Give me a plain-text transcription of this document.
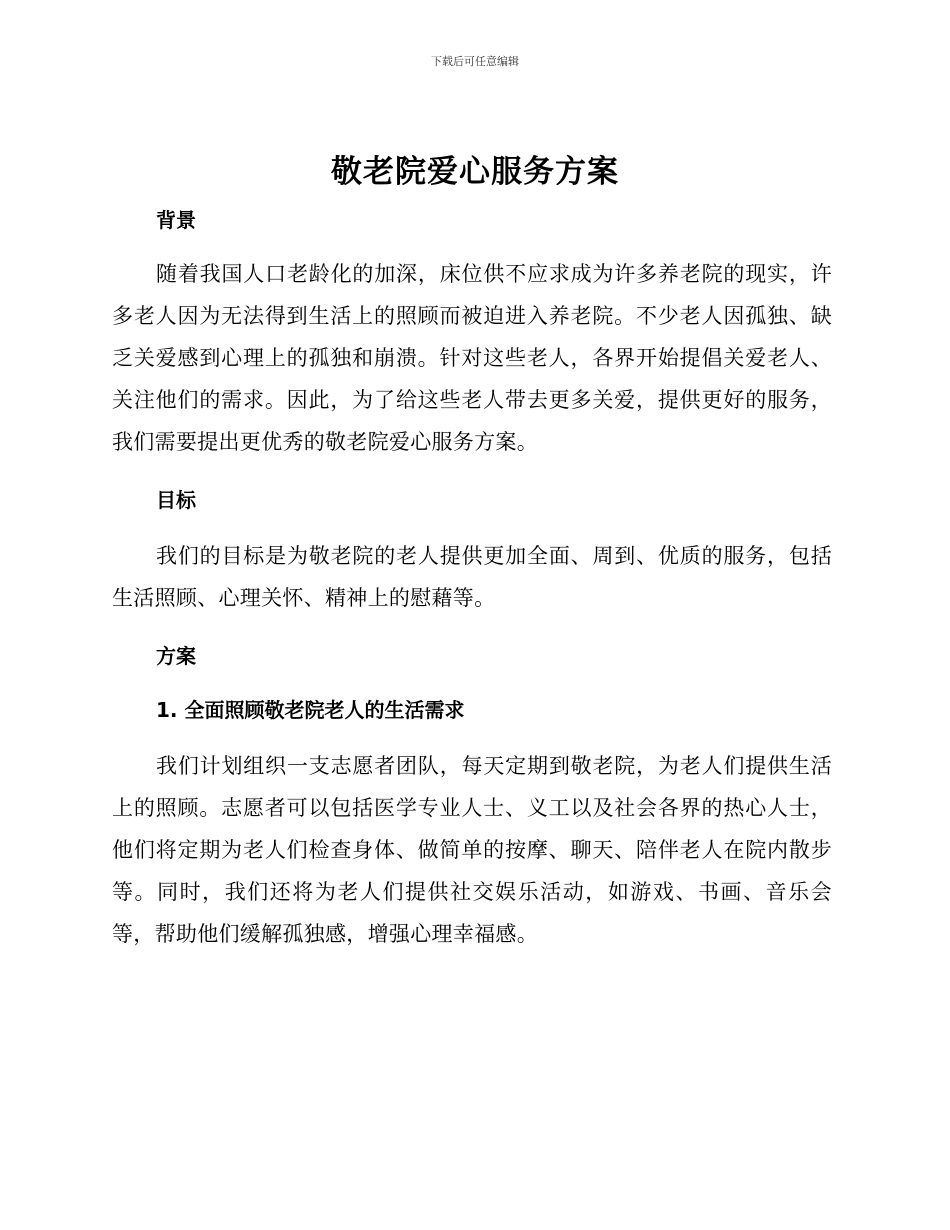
下载后可任意编辑
敬老院爱心服务方案

背景

随着我国人口老龄化的加深，床位供不应求成为许多养老院的现实，许多老人因为无法得到生活上的照顾而被迫进入养老院。不少老人因孤独、缺乏关爱感到心理上的孤独和崩溃。针对这些老人，各界开始提倡关爱老人、关注他们的需求。因此，为了给这些老人带去更多关爱，提供更好的服务，我们需要提出更优秀的敬老院爱心服务方案。

目标

我们的目标是为敬老院的老人提供更加全面、周到、优质的服务，包括生活照顾、心理关怀、精神上的慰藉等。

方案

1. 全面照顾敬老院老人的生活需求

我们计划组织一支志愿者团队，每天定期到敬老院，为老人们提供生活上的照顾。志愿者可以包括医学专业人士、义工以及社会各界的热心人士，他们将定期为老人们检查身体、做简单的按摩、聊天、陪伴老人在院内散步等。同时，我们还将为老人们提供社交娱乐活动，如游戏、书画、音乐会等，帮助他们缓解孤独感，增强心理幸福感。
